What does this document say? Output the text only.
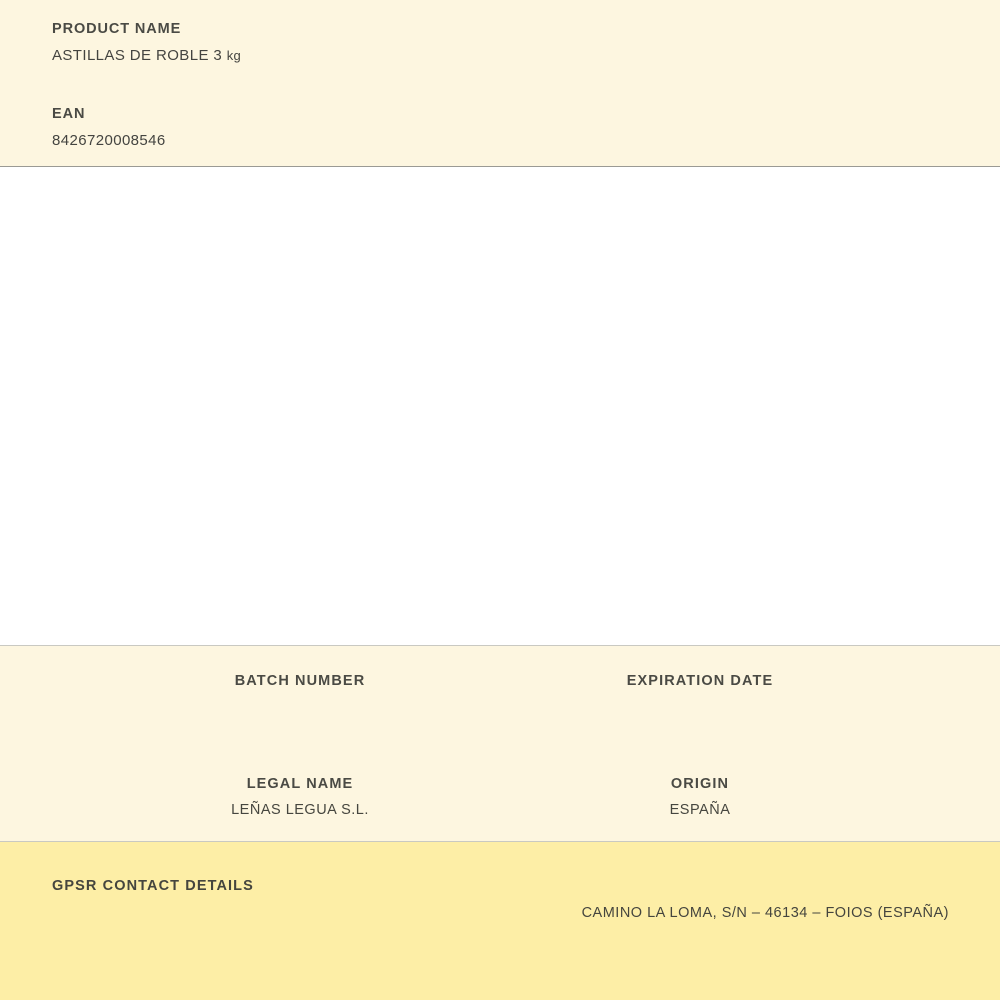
PRODUCT NAME
ASTILLAS DE ROBLE 3 kg
EAN
8426720008546
BATCH NUMBER	EXPIRATION DATE
LEGAL NAME
LEÑAS LEGUA S.L.
ORIGIN
ESPAÑA
GPSR CONTACT DETAILS
CAMINO LA LOMA, S/N – 46134 – FOIOS (ESPAÑA)
